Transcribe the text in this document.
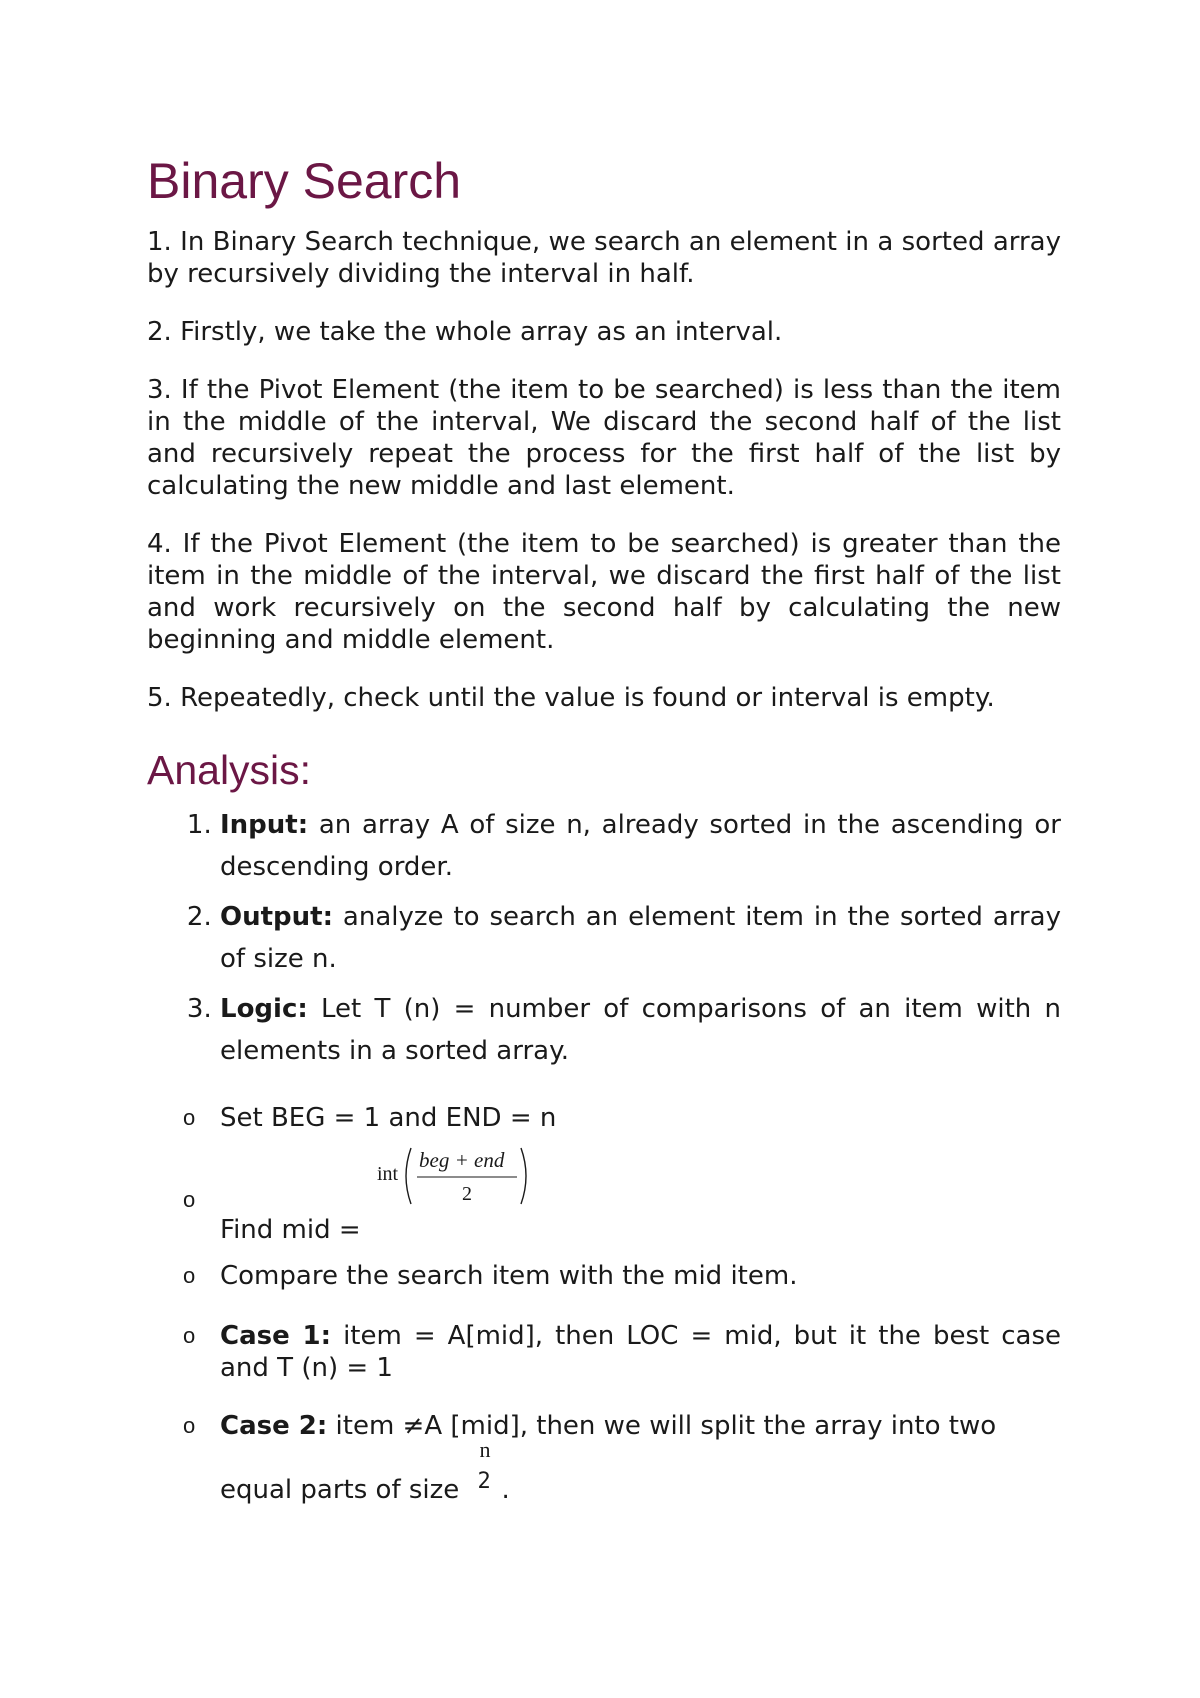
Binary Search

1. In Binary Search technique, we search an element in a sorted array by recursively dividing the interval in half.

2. Firstly, we take the whole array as an interval.

3. If the Pivot Element (the item to be searched) is less than the item in the middle of the interval, We discard the second half of the list and recursively repeat the process for the first half of the list by calculating the new middle and last element.

4. If the Pivot Element (the item to be searched) is greater than the item in the middle of the interval, we discard the first half of the list and work recursively on the second half by calculating the new beginning and middle element.

5. Repeatedly, check until the value is found or interval is empty.

Analysis:
1. Input: an array A of size n, already sorted in the ascending or descending order.
2. Output: analyze to search an element item in the sorted array of size n.
3. Logic: Let T (n) = number of comparisons of an item with n elements in a sorted array.
o Set BEG = 1 and END = n
o
Find mid =
int
beg + end
2
o Compare the search item with the mid item.
o Case 1: item = A[mid], then LOC = mid, but it the best case and T (n) = 1
o Case 2: item ≠A [mid], then we will split the array into two
equal parts of size
n
2 .
